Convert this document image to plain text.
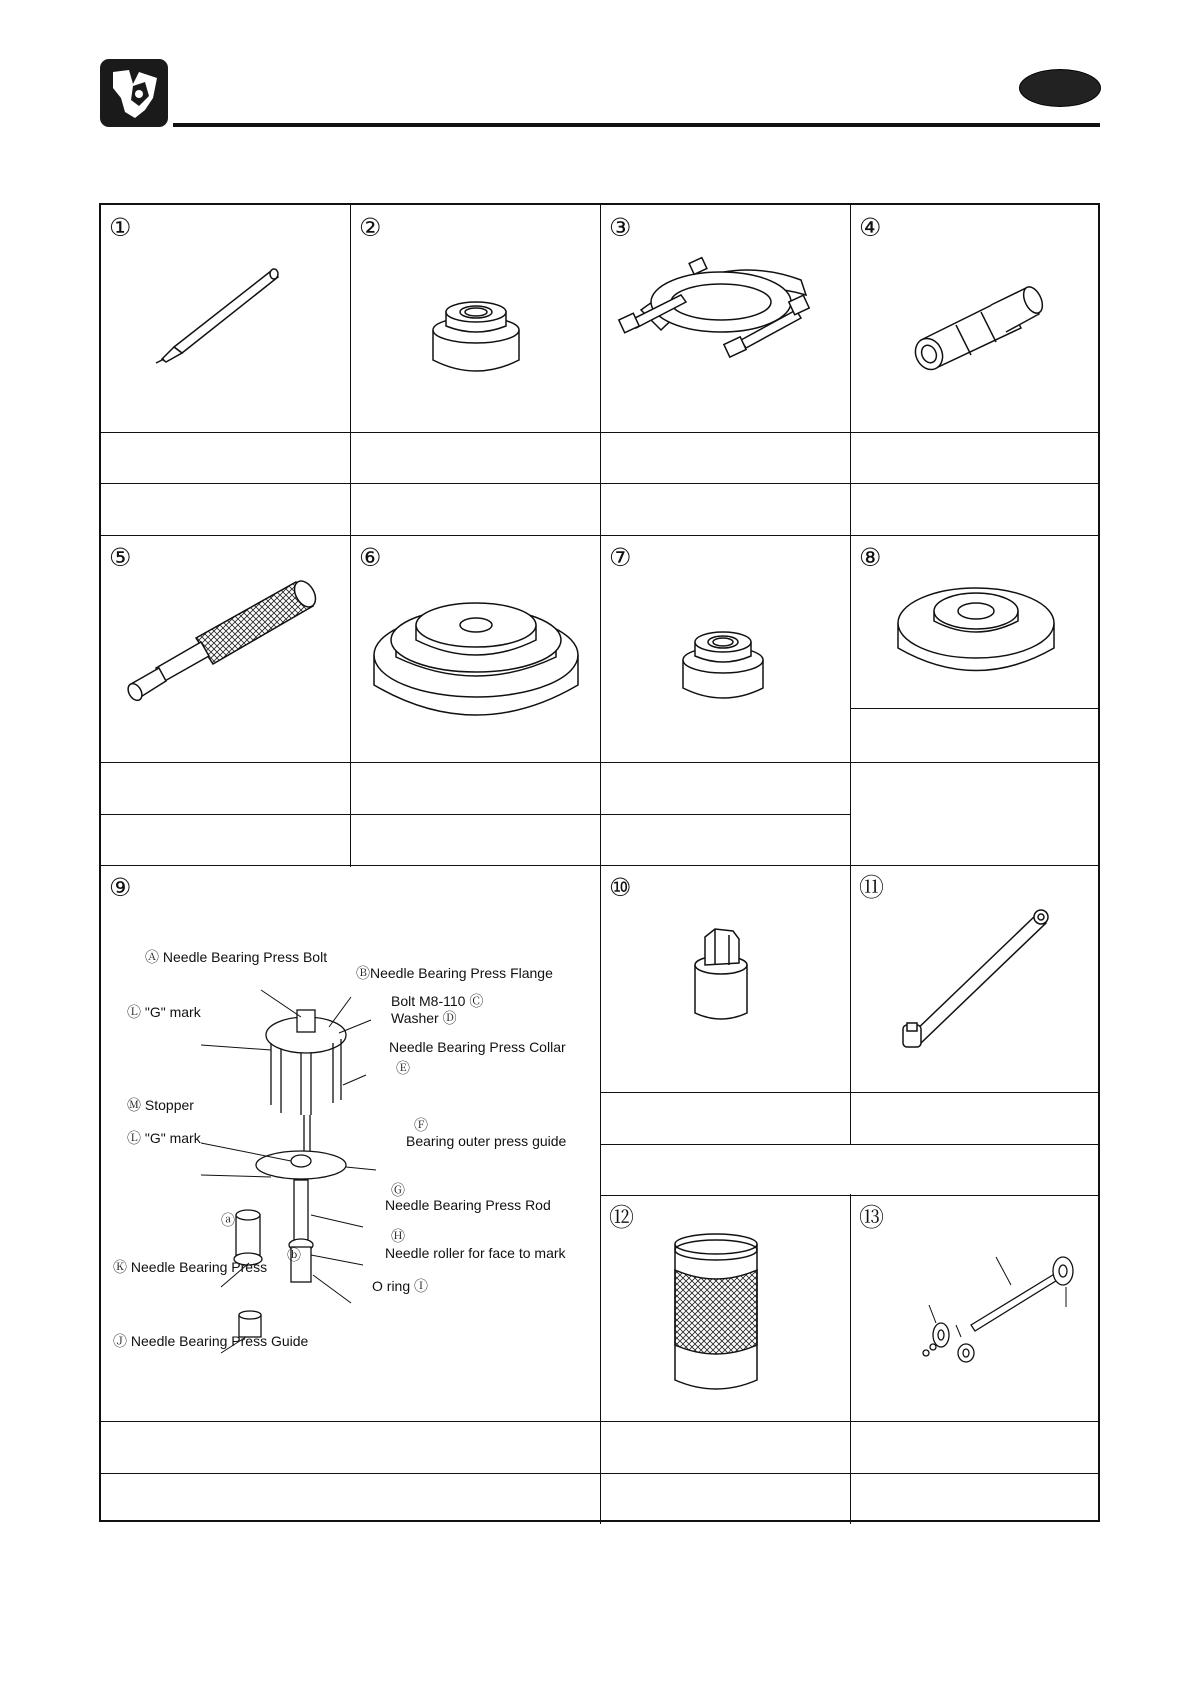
①	②	③	④
⑤	⑥	⑦	⑧
⑨	⑩	⑪
⑫	⑬
Ⓐ Needle Bearing Press Bolt
ⒷNeedle Bearing Press Flange
Bolt M8-110 Ⓒ
Washer Ⓓ
Ⓛ "G" mark
Needle Bearing Press Collar
Ⓔ
Ⓜ Stopper
Ⓕ
Bearing outer press guide
Ⓛ "G" mark
Ⓖ
Needle Bearing Press Rod
Ⓗ
Needle roller for face to mark
ⓐ
ⓑ
Ⓚ Needle Bearing Press
O ring Ⓘ
Ⓙ Needle Bearing Press Guide
